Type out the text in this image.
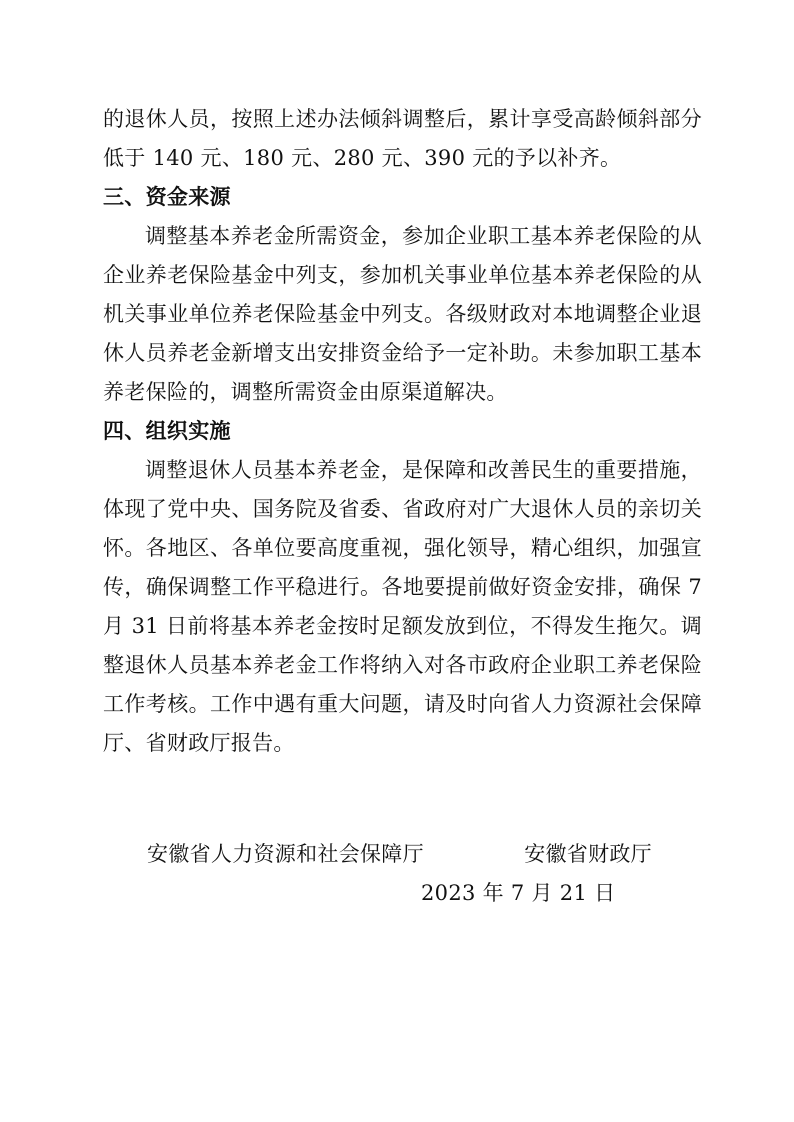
的退休人员，按照上述办法倾斜调整后，累计享受高龄倾斜部分低于 140 元、180 元、280 元、390 元的予以补齐。

三、资金来源

调整基本养老金所需资金，参加企业职工基本养老保险的从企业养老保险基金中列支，参加机关事业单位基本养老保险的从机关事业单位养老保险基金中列支。各级财政对本地调整企业退休人员养老金新增支出安排资金给予一定补助。未参加职工基本养老保险的，调整所需资金由原渠道解决。

四、组织实施

调整退休人员基本养老金，是保障和改善民生的重要措施，体现了党中央、国务院及省委、省政府对广大退休人员的亲切关怀。各地区、各单位要高度重视，强化领导，精心组织，加强宣传，确保调整工作平稳进行。各地要提前做好资金安排，确保 7 月 31 日前将基本养老金按时足额发放到位，不得发生拖欠。调整退休人员基本养老金工作将纳入对各市政府企业职工养老保险工作考核。工作中遇有重大问题，请及时向省人力资源社会保障厅、省财政厅报告。

安徽省人力资源和社会保障厅	安徽省财政厅
2023 年 7 月 21 日
